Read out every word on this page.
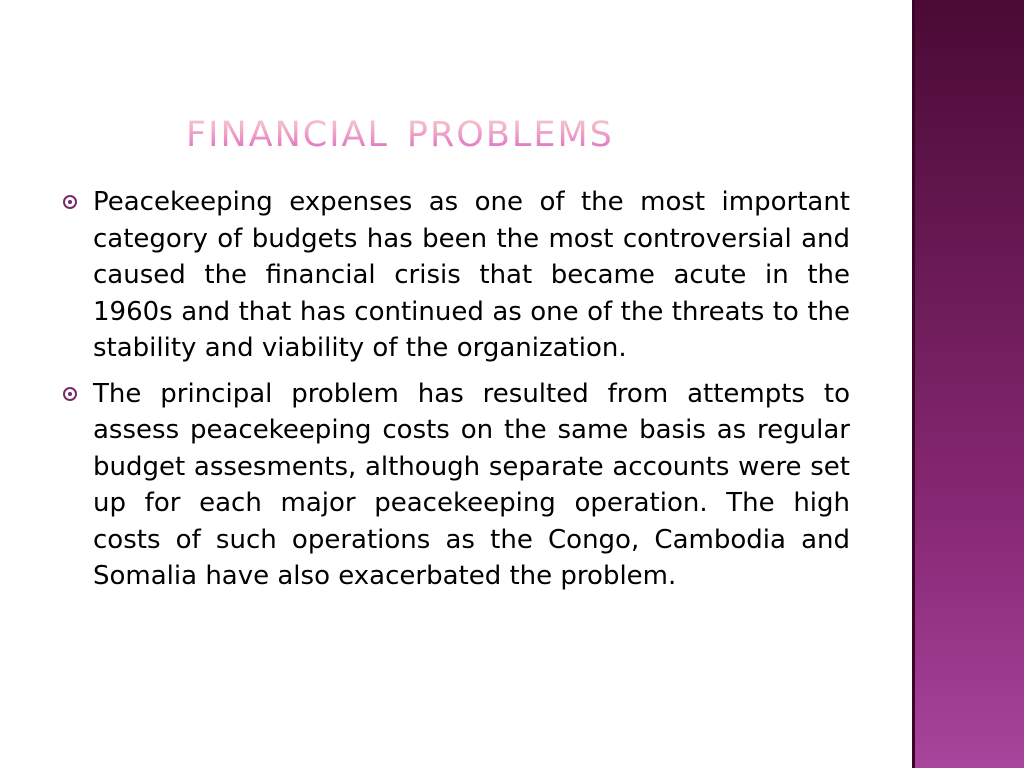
financial problems
Peacekeeping expenses as one of the most important category of budgets has been the most controversial and caused the financial crisis that became acute in the 1960s and that has continued as one of the threats to the stability and viability of the organization.
The principal problem has resulted from attempts to assess peacekeeping costs on the same basis as regular budget assesments, although separate accounts were set up for each major peacekeeping operation. The high costs of such operations as the Congo, Cambodia and Somalia have also exacerbated the problem.
